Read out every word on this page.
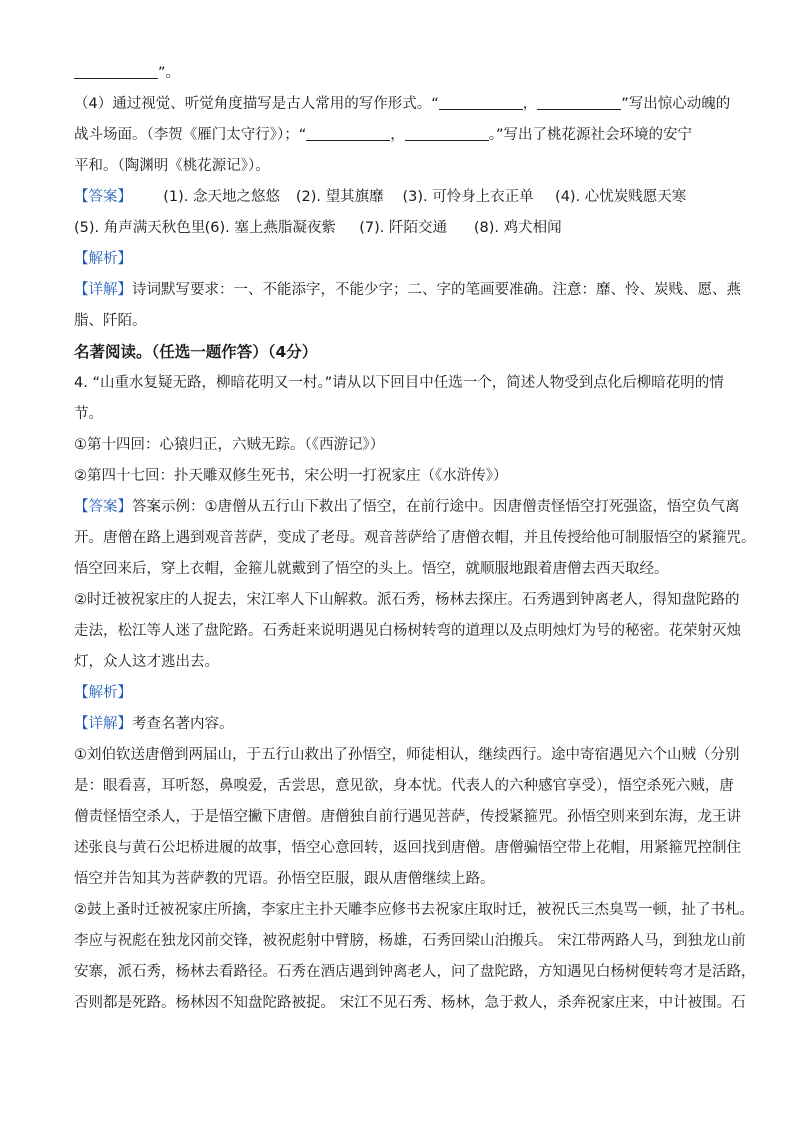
”。
（4）通过视觉、听觉角度描写是古人常用的写作形式。“	，	”写出惊心动魄的
战斗场面。（李贺《雁门太守行》）；“	，	。”写出了桃花源社会环境的安宁
平和。（陶渊明《桃花源记》）。
【答案】 (1). 念天地之悠悠 (2). 望其旗靡 (3). 可怜身上衣正单 (4). 心忧炭贱愿天寒
(5). 角声满天秋色里 (6). 塞上燕脂凝夜紫 (7). 阡陌交通 (8). 鸡犬相闻
【解析】
【详解】诗词默写要求：一、不能添字，不能少字；二、字的笔画要准确。注意：靡、怜、炭贱、愿、燕
脂、阡陌。
名著阅读。（任选一题作答）（4分）
4. “山重水复疑无路，柳暗花明又一村。”请从以下回目中任选一个，简述人物受到点化后柳暗花明的情
节。
①第十四回：心猿归正，六贼无踪。（《西游记》）
②第四十七回：扑天雕双修生死书，宋公明一打祝家庄（《水浒传》）
【答案】答案示例：①唐僧从五行山下救出了悟空，在前行途中。因唐僧责怪悟空打死强盗，悟空负气离
开。唐僧在路上遇到观音菩萨，变成了老母。观音菩萨给了唐僧衣帽，并且传授给他可制服悟空的紧箍咒。
悟空回来后，穿上衣帽，金箍儿就戴到了悟空的头上。悟空，就顺服地跟着唐僧去西天取经。
②时迁被祝家庄的人捉去，宋江率人下山解救。派石秀，杨林去探庄。石秀遇到钟离老人，得知盘陀路的
走法，松江等人迷了盘陀路。石秀赶来说明遇见白杨树转弯的道理以及点明烛灯为号的秘密。花荣射灭烛
灯，众人这才逃出去。
【解析】
【详解】考查名著内容。
①刘伯钦送唐僧到两届山，于五行山救出了孙悟空，师徒相认，继续西行。途中寄宿遇见六个山贼（分别
是：眼看喜，耳听怒，鼻嗅爱，舌尝思，意见欲，身本忧。代表人的六种感官享受），悟空杀死六贼，唐
僧责怪悟空杀人，于是悟空撇下唐僧。唐僧独自前行遇见菩萨，传授紧箍咒。孙悟空则来到东海，龙王讲
述张良与黄石公圯桥进履的故事，悟空心意回转，返回找到唐僧。唐僧骗悟空带上花帽，用紧箍咒控制住
悟空并告知其为菩萨教的咒语。孙悟空臣服，跟从唐僧继续上路。
②鼓上蚤时迁被祝家庄所擒，李家庄主扑天雕李应修书去祝家庄取时迁，被祝氏三杰臭骂一顿，扯了书札。
李应与祝彪在独龙冈前交锋，被祝彪射中臂膀，杨雄，石秀回梁山泊搬兵。 宋江带两路人马，到独龙山前
安寨，派石秀，杨林去看路径。石秀在酒店遇到钟离老人，问了盘陀路，方知遇见白杨树便转弯才是活路，
否则都是死路。杨林因不知盘陀路被捉。 宋江不见石秀、杨林，急于救人，杀奔祝家庄来，中计被围。石
